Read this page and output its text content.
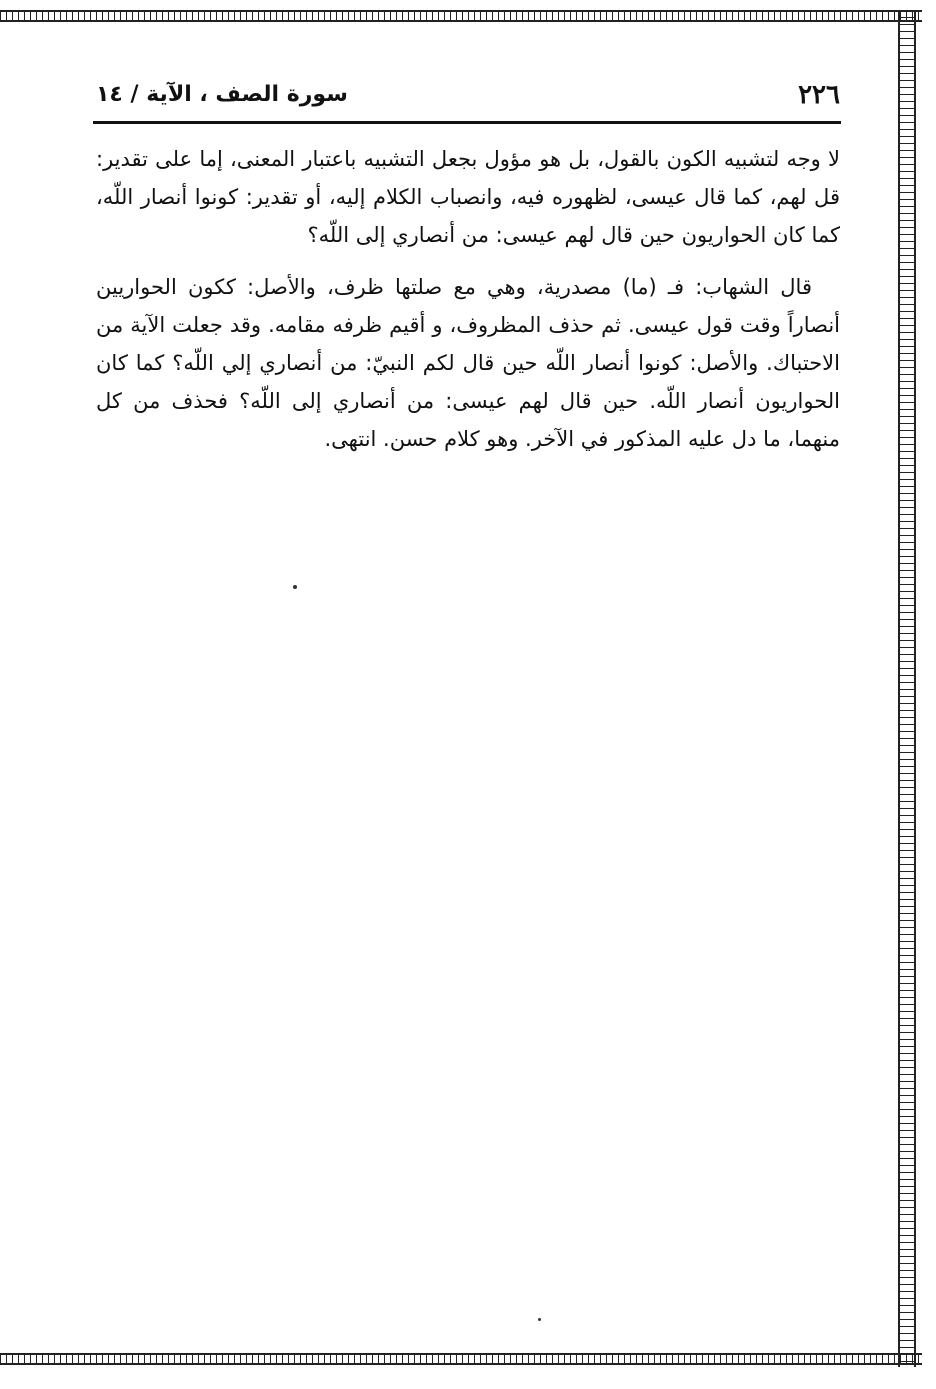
٢٢٦
سورة الصف ، الآية / ١٤

لا وجه لتشبيه الكون بالقول، بل هو مؤول بجعل التشبيه باعتبار المعنى، إما على تقدير: قل لهم، كما قال عيسى، لظهوره فيه، وانصباب الكلام إليه، أو تقدير: كونوا أنصار اللّه، كما كان الحواريون حين قال لهم عيسى: من أنصاري إلى اللّه؟

قال الشهاب: فـ (ما) مصدرية، وهي مع صلتها ظرف، والأصل: ككون الحواريين أنصاراً وقت قول عيسى. ثم حذف المظروف، و أقيم ظرفه مقامه. وقد جعلت الآية من الاحتباك. والأصل: كونوا أنصار اللّه حين قال لكم النبيّ: من أنصاري إلي اللّه؟ كما كان الحواريون أنصار اللّه. حين قال لهم عيسى: من أنصاري إلى اللّه؟ فحذف من كل منهما، ما دل عليه المذكور في الآخر. وهو كلام حسن. انتهى.
